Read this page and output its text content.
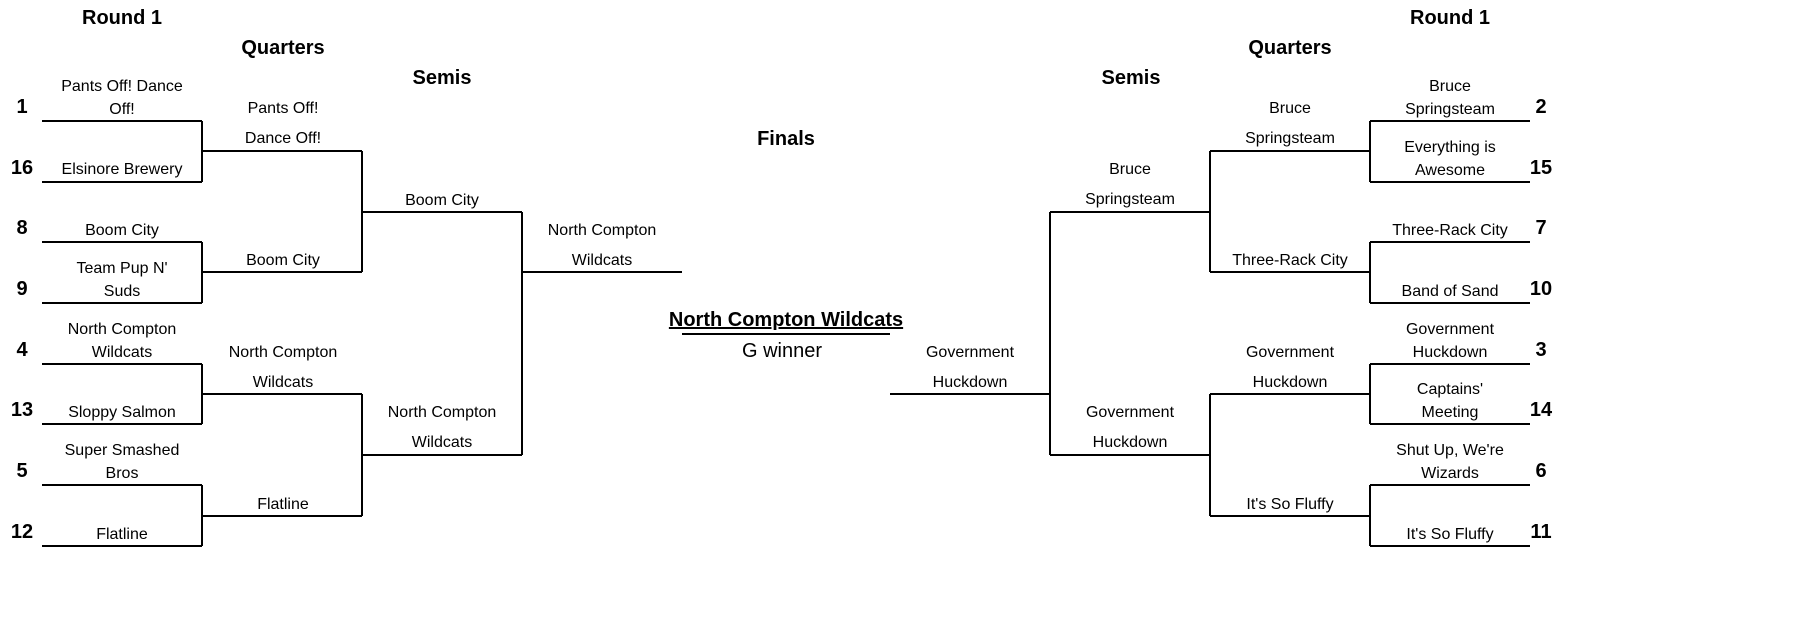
Round 1
Quarters
Semis
Finals
Semis
Quarters
Round 1
1
16
8
9
4
13
5
12
Pants Off! Dance
Off!
Elsinore Brewery
Boom City
Team Pup N'
Suds
North Compton
Wildcats
Sloppy Salmon
Super Smashed
Bros
Flatline
Pants Off!
Dance Off!
Boom City
North Compton
Wildcats
Flatline
Boom City
North Compton
Wildcats
North Compton
Wildcats
North Compton Wildcats
G winner
2
15
7
10
3
14
6
11
Bruce
Springsteam
Everything is
Awesome
Three-Rack City
Band of Sand
Government
Huckdown
Captains'
Meeting
Shut Up, We're
Wizards
It's So Fluffy
Bruce
Springsteam
Three-Rack City
Government
Huckdown
It's So Fluffy
Bruce
Springsteam
Government
Huckdown
Government
Huckdown
